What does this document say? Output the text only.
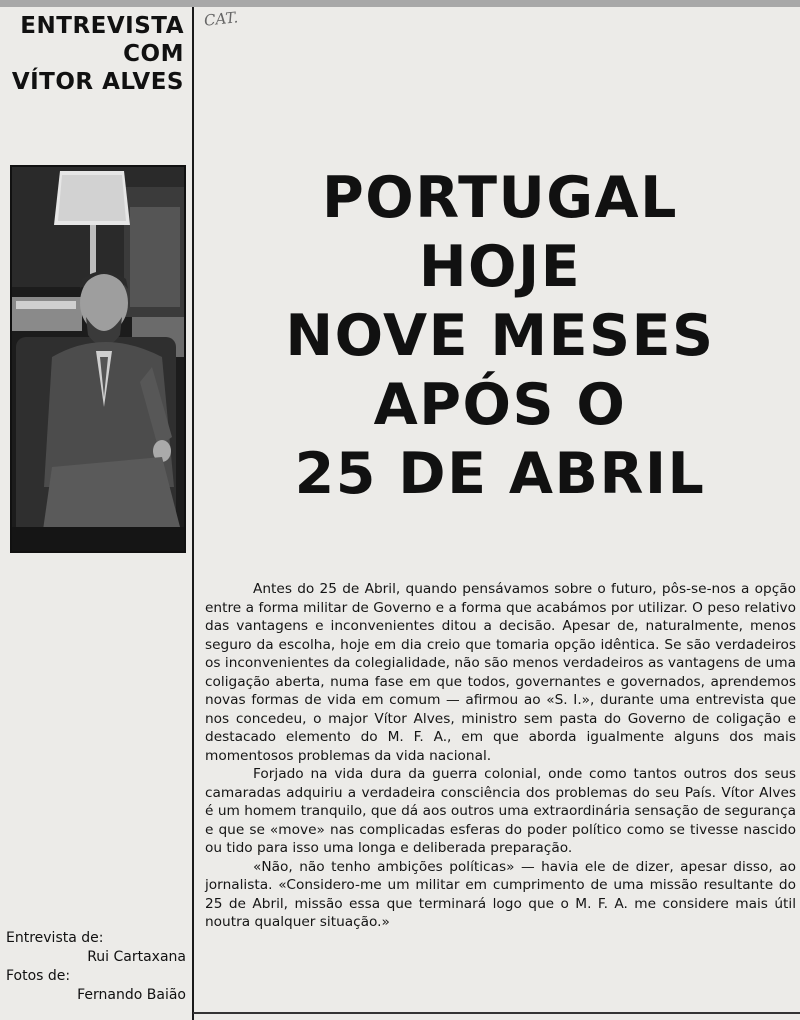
ENTREVISTA
COM
VÍTOR ALVES
CAT.
PORTUGAL
HOJE
NOVE MESES
APÓS O
25 DE ABRIL

Antes do 25 de Abril, quando pensávamos sobre o futuro, pôs-se-nos a opção entre a forma militar de Governo e a forma que acabámos por utilizar. O peso relativo das vantagens e inconvenientes ditou a decisão. Apesar de, naturalmente, menos seguro da escolha, hoje em dia creio que tomaria opção idêntica. Se são verdadeiros os inconvenientes da colegialidade, não são menos verdadeiros as vantagens de uma coligação aberta, numa fase em que todos, governantes e governados, aprendemos novas formas de vida em comum — afirmou ao «S. I.», durante uma entrevista que nos concedeu, o major Vítor Alves, ministro sem pasta do Governo de coligação e destacado elemento do M. F. A., em que aborda igualmente alguns dos mais momentosos problemas da vida nacional.

Forjado na vida dura da guerra colonial, onde como tantos outros dos seus camaradas adquiriu a verdadeira consciência dos problemas do seu País. Vítor Alves é um homem tranquilo, que dá aos outros uma extraordinária sensação de segurança e que se «move» nas complicadas esferas do poder político como se tivesse nascido ou tido para isso uma longa e deliberada preparação.

«Não, não tenho ambições políticas» — havia ele de dizer, apesar disso, ao jornalista. «Considero-me um militar em cumprimento de uma missão resultante do 25 de Abril, missão essa que terminará logo que o M. F. A. me considere mais útil noutra qualquer situação.»

Entrevista de:
Rui Cartaxana
Fotos de:
Fernando Baião
